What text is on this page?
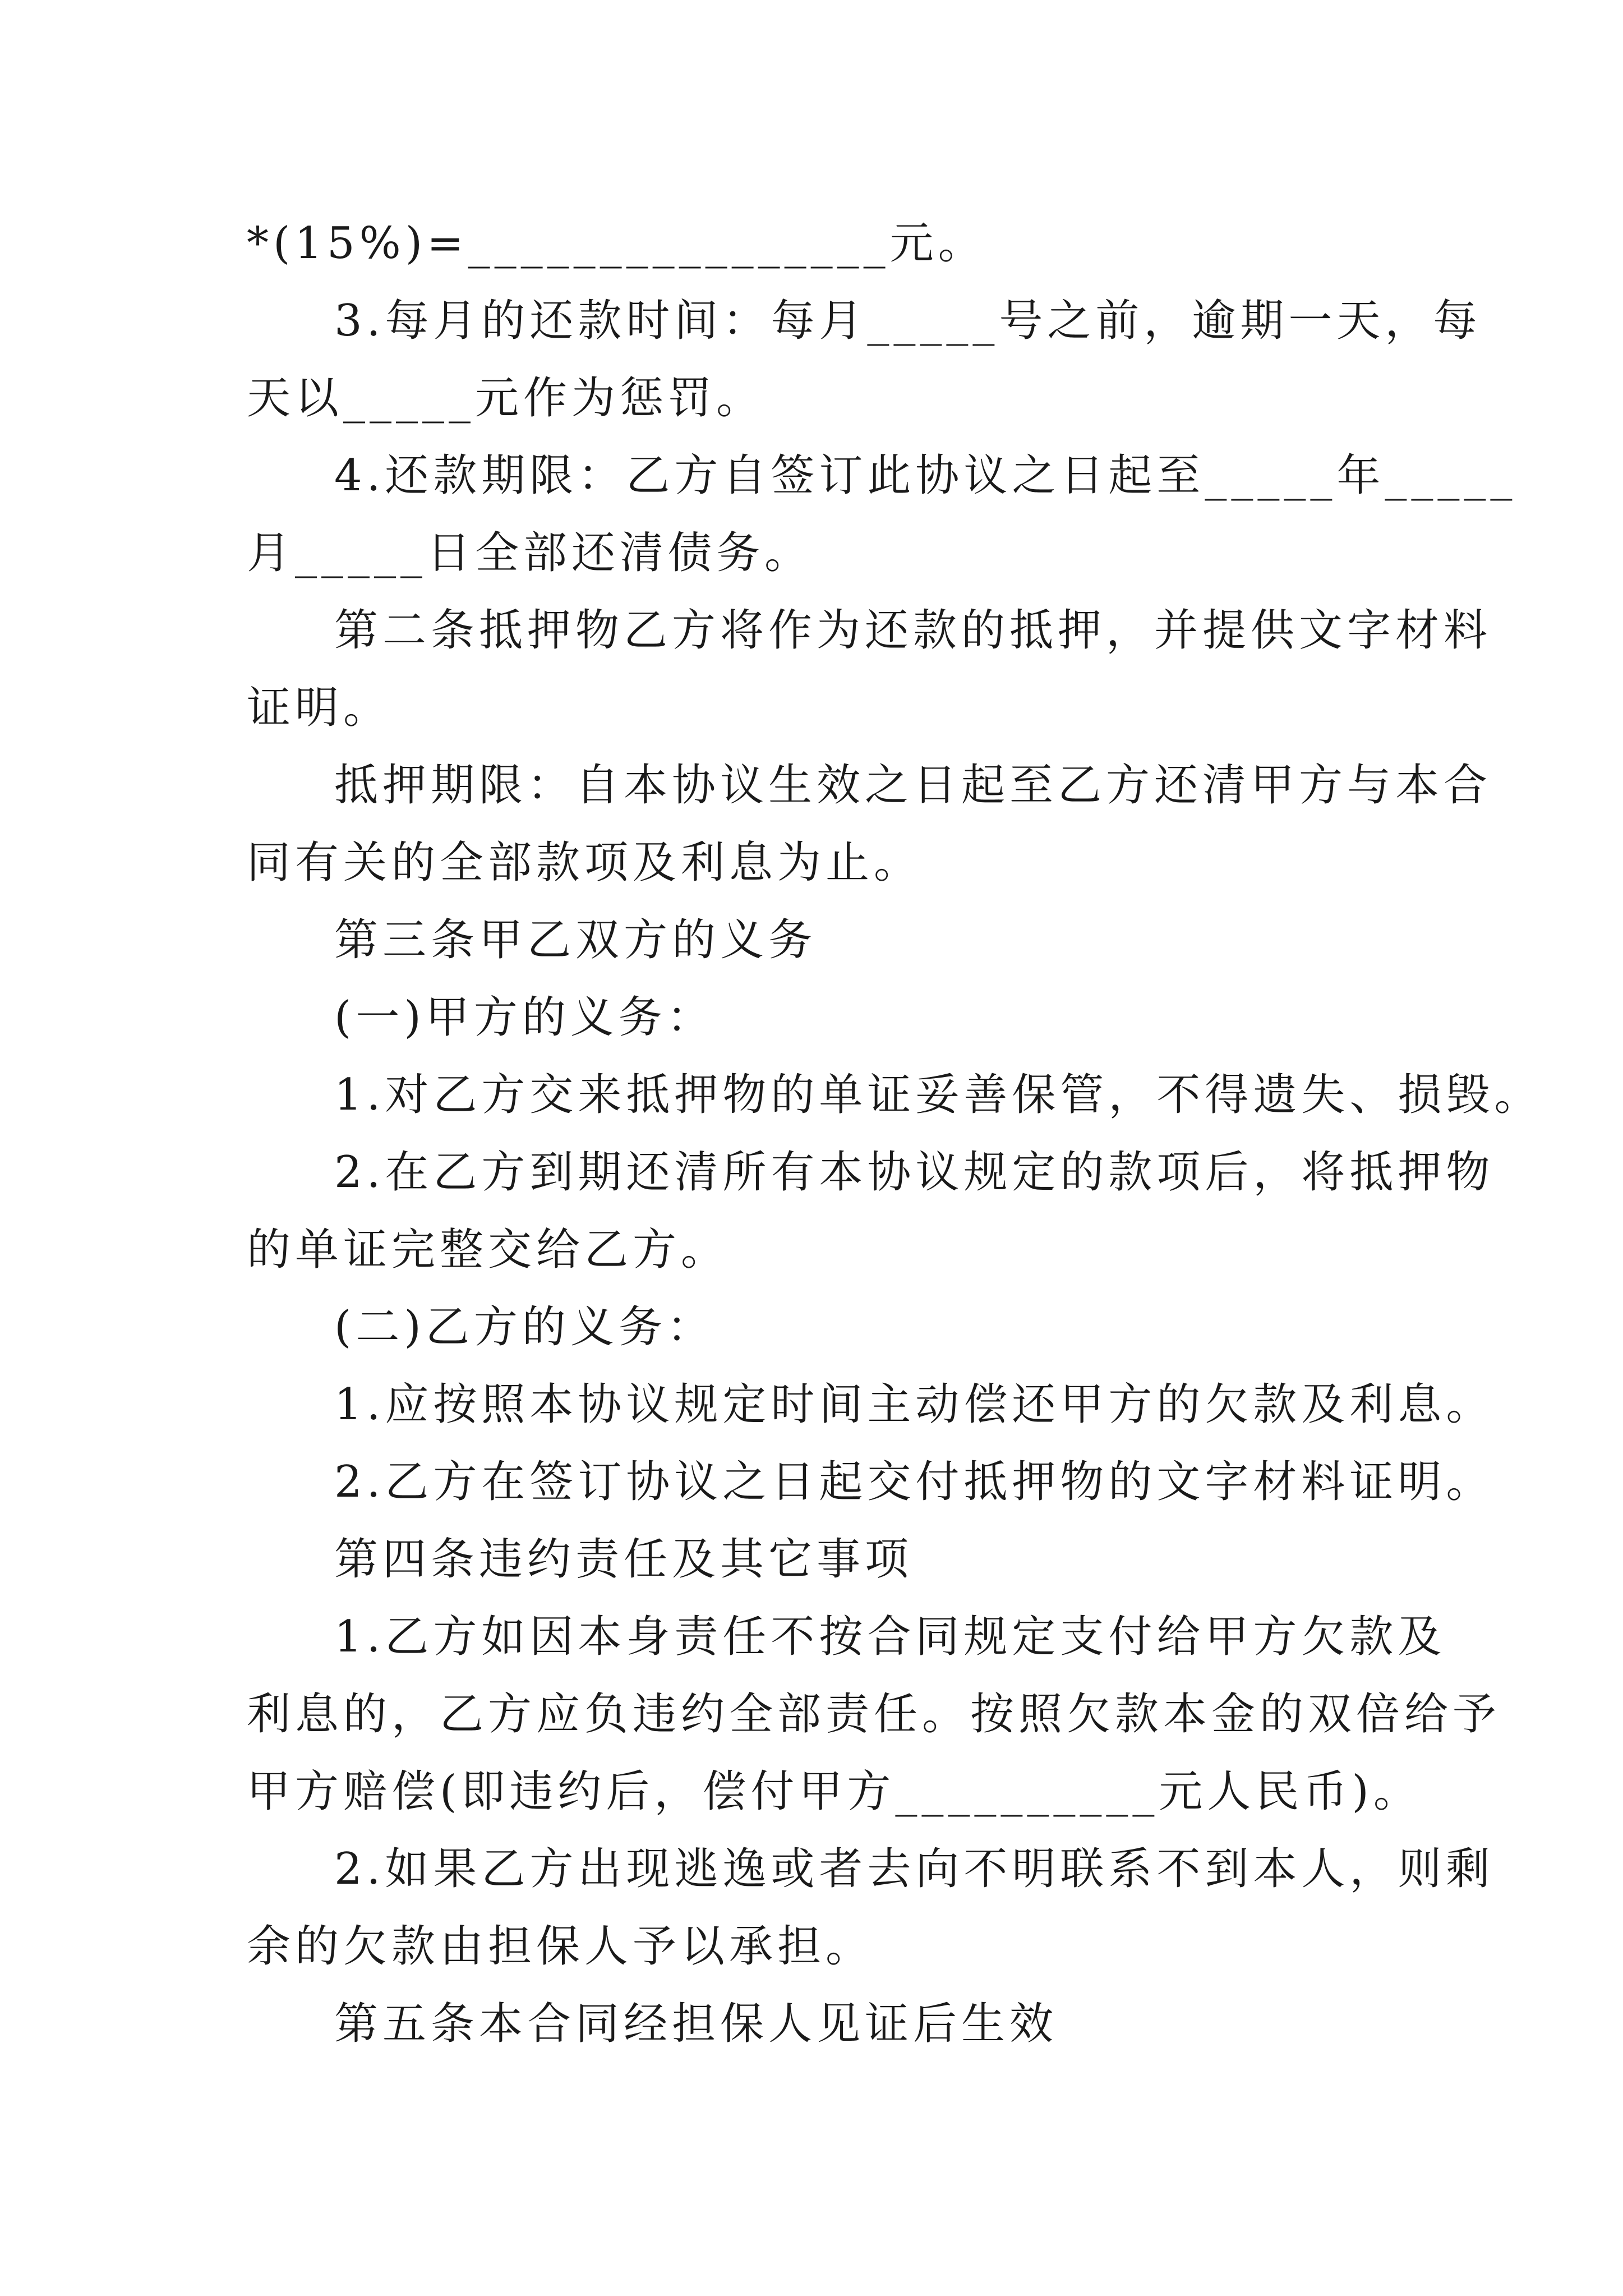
*(15%)=________________元。
3.每月的还款时间：每月_____号之前，逾期一天，每
天以_____元作为惩罚。
4.还款期限：乙方自签订此协议之日起至_____年_____
月_____日全部还清债务。
第二条抵押物乙方将作为还款的抵押，并提供文字材料
证明。
抵押期限：自本协议生效之日起至乙方还清甲方与本合
同有关的全部款项及利息为止。
第三条甲乙双方的义务
(一)甲方的义务：
1.对乙方交来抵押物的单证妥善保管，不得遗失、损毁。
2.在乙方到期还清所有本协议规定的款项后，将抵押物
的单证完整交给乙方。
(二)乙方的义务：
1.应按照本协议规定时间主动偿还甲方的欠款及利息。
2.乙方在签订协议之日起交付抵押物的文字材料证明。
第四条违约责任及其它事项
1.乙方如因本身责任不按合同规定支付给甲方欠款及
利息的，乙方应负违约全部责任。按照欠款本金的双倍给予
甲方赔偿(即违约后，偿付甲方__________元人民币)。
2.如果乙方出现逃逸或者去向不明联系不到本人，则剩
余的欠款由担保人予以承担。
第五条本合同经担保人见证后生效
